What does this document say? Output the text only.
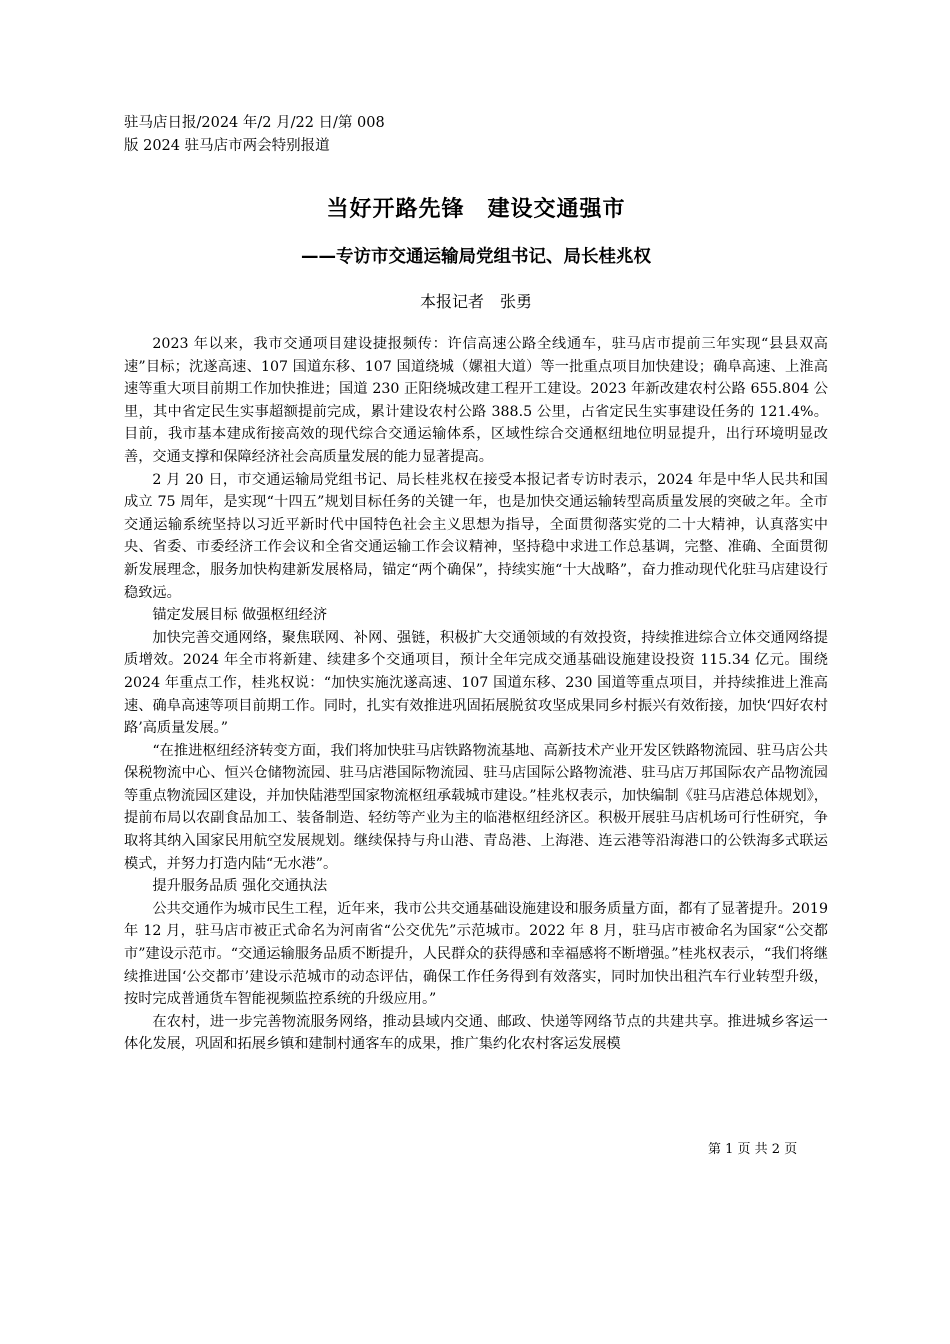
驻马店日报/2024 年/2 月/22 日/第 008

版 2024 驻马店市两会特别报道

当好开路先锋　建设交通强市
——专访市交通运输局党组书记、局长桂兆权

本报记者　张勇

2023 年以来，我市交通项目建设捷报频传：许信高速公路全线通车，驻马店市提前三年实现“县县双高速”目标；沈遂高速、107 国道东移、107 国道绕城（嫘祖大道）等一批重点项目加快建设；确阜高速、上淮高速等重大项目前期工作加快推进；国道 230 正阳绕城改建工程开工建设。2023 年新改建农村公路 655.804 公里，其中省定民生实事超额提前完成，累计建设农村公路 388.5 公里，占省定民生实事建设任务的 121.4%。目前，我市基本建成衔接高效的现代综合交通运输体系，区域性综合交通枢纽地位明显提升，出行环境明显改善，交通支撑和保障经济社会高质量发展的能力显著提高。

2 月 20 日，市交通运输局党组书记、局长桂兆权在接受本报记者专访时表示，2024 年是中华人民共和国成立 75 周年，是实现“十四五”规划目标任务的关键一年，也是加快交通运输转型高质量发展的突破之年。全市交通运输系统坚持以习近平新时代中国特色社会主义思想为指导，全面贯彻落实党的二十大精神，认真落实中央、省委、市委经济工作会议和全省交通运输工作会议精神，坚持稳中求进工作总基调，完整、准确、全面贯彻新发展理念，服务加快构建新发展格局，锚定“两个确保”，持续实施“十大战略”，奋力推动现代化驻马店建设行稳致远。

锚定发展目标 做强枢纽经济

加快完善交通网络，聚焦联网、补网、强链，积极扩大交通领域的有效投资，持续推进综合立体交通网络提质增效。2024 年全市将新建、续建多个交通项目，预计全年完成交通基础设施建设投资 115.34 亿元。围绕 2024 年重点工作，桂兆权说：“加快实施沈遂高速、107 国道东移、230 国道等重点项目，并持续推进上淮高速、确阜高速等项目前期工作。同时，扎实有效推进巩固拓展脱贫攻坚成果同乡村振兴有效衔接，加快‘四好农村路’高质量发展。”

“在推进枢纽经济转变方面，我们将加快驻马店铁路物流基地、高新技术产业开发区铁路物流园、驻马店公共保税物流中心、恒兴仓储物流园、驻马店港国际物流园、驻马店国际公路物流港、驻马店万邦国际农产品物流园等重点物流园区建设，并加快陆港型国家物流枢纽承载城市建设。”桂兆权表示，加快编制《驻马店港总体规划》，提前布局以农副食品加工、装备制造、轻纺等产业为主的临港枢纽经济区。积极开展驻马店机场可行性研究，争取将其纳入国家民用航空发展规划。继续保持与舟山港、青岛港、上海港、连云港等沿海港口的公铁海多式联运模式，并努力打造内陆“无水港”。

提升服务品质 强化交通执法

公共交通作为城市民生工程，近年来，我市公共交通基础设施建设和服务质量方面，都有了显著提升。2019 年 12 月，驻马店市被正式命名为河南省“公交优先”示范城市。2022 年 8 月，驻马店市被命名为国家“公交都市”建设示范市。“交通运输服务品质不断提升，人民群众的获得感和幸福感将不断增强。”桂兆权表示，“我们将继续推进国‘公交都市’建设示范城市的动态评估，确保工作任务得到有效落实，同时加快出租汽车行业转型升级，按时完成普通货车智能视频监控系统的升级应用。”

在农村，进一步完善物流服务网络，推动县域内交通、邮政、快递等网络节点的共建共享。推进城乡客运一体化发展，巩固和拓展乡镇和建制村通客车的成果，推广集约化农村客运发展模

第 1 页 共 2 页
